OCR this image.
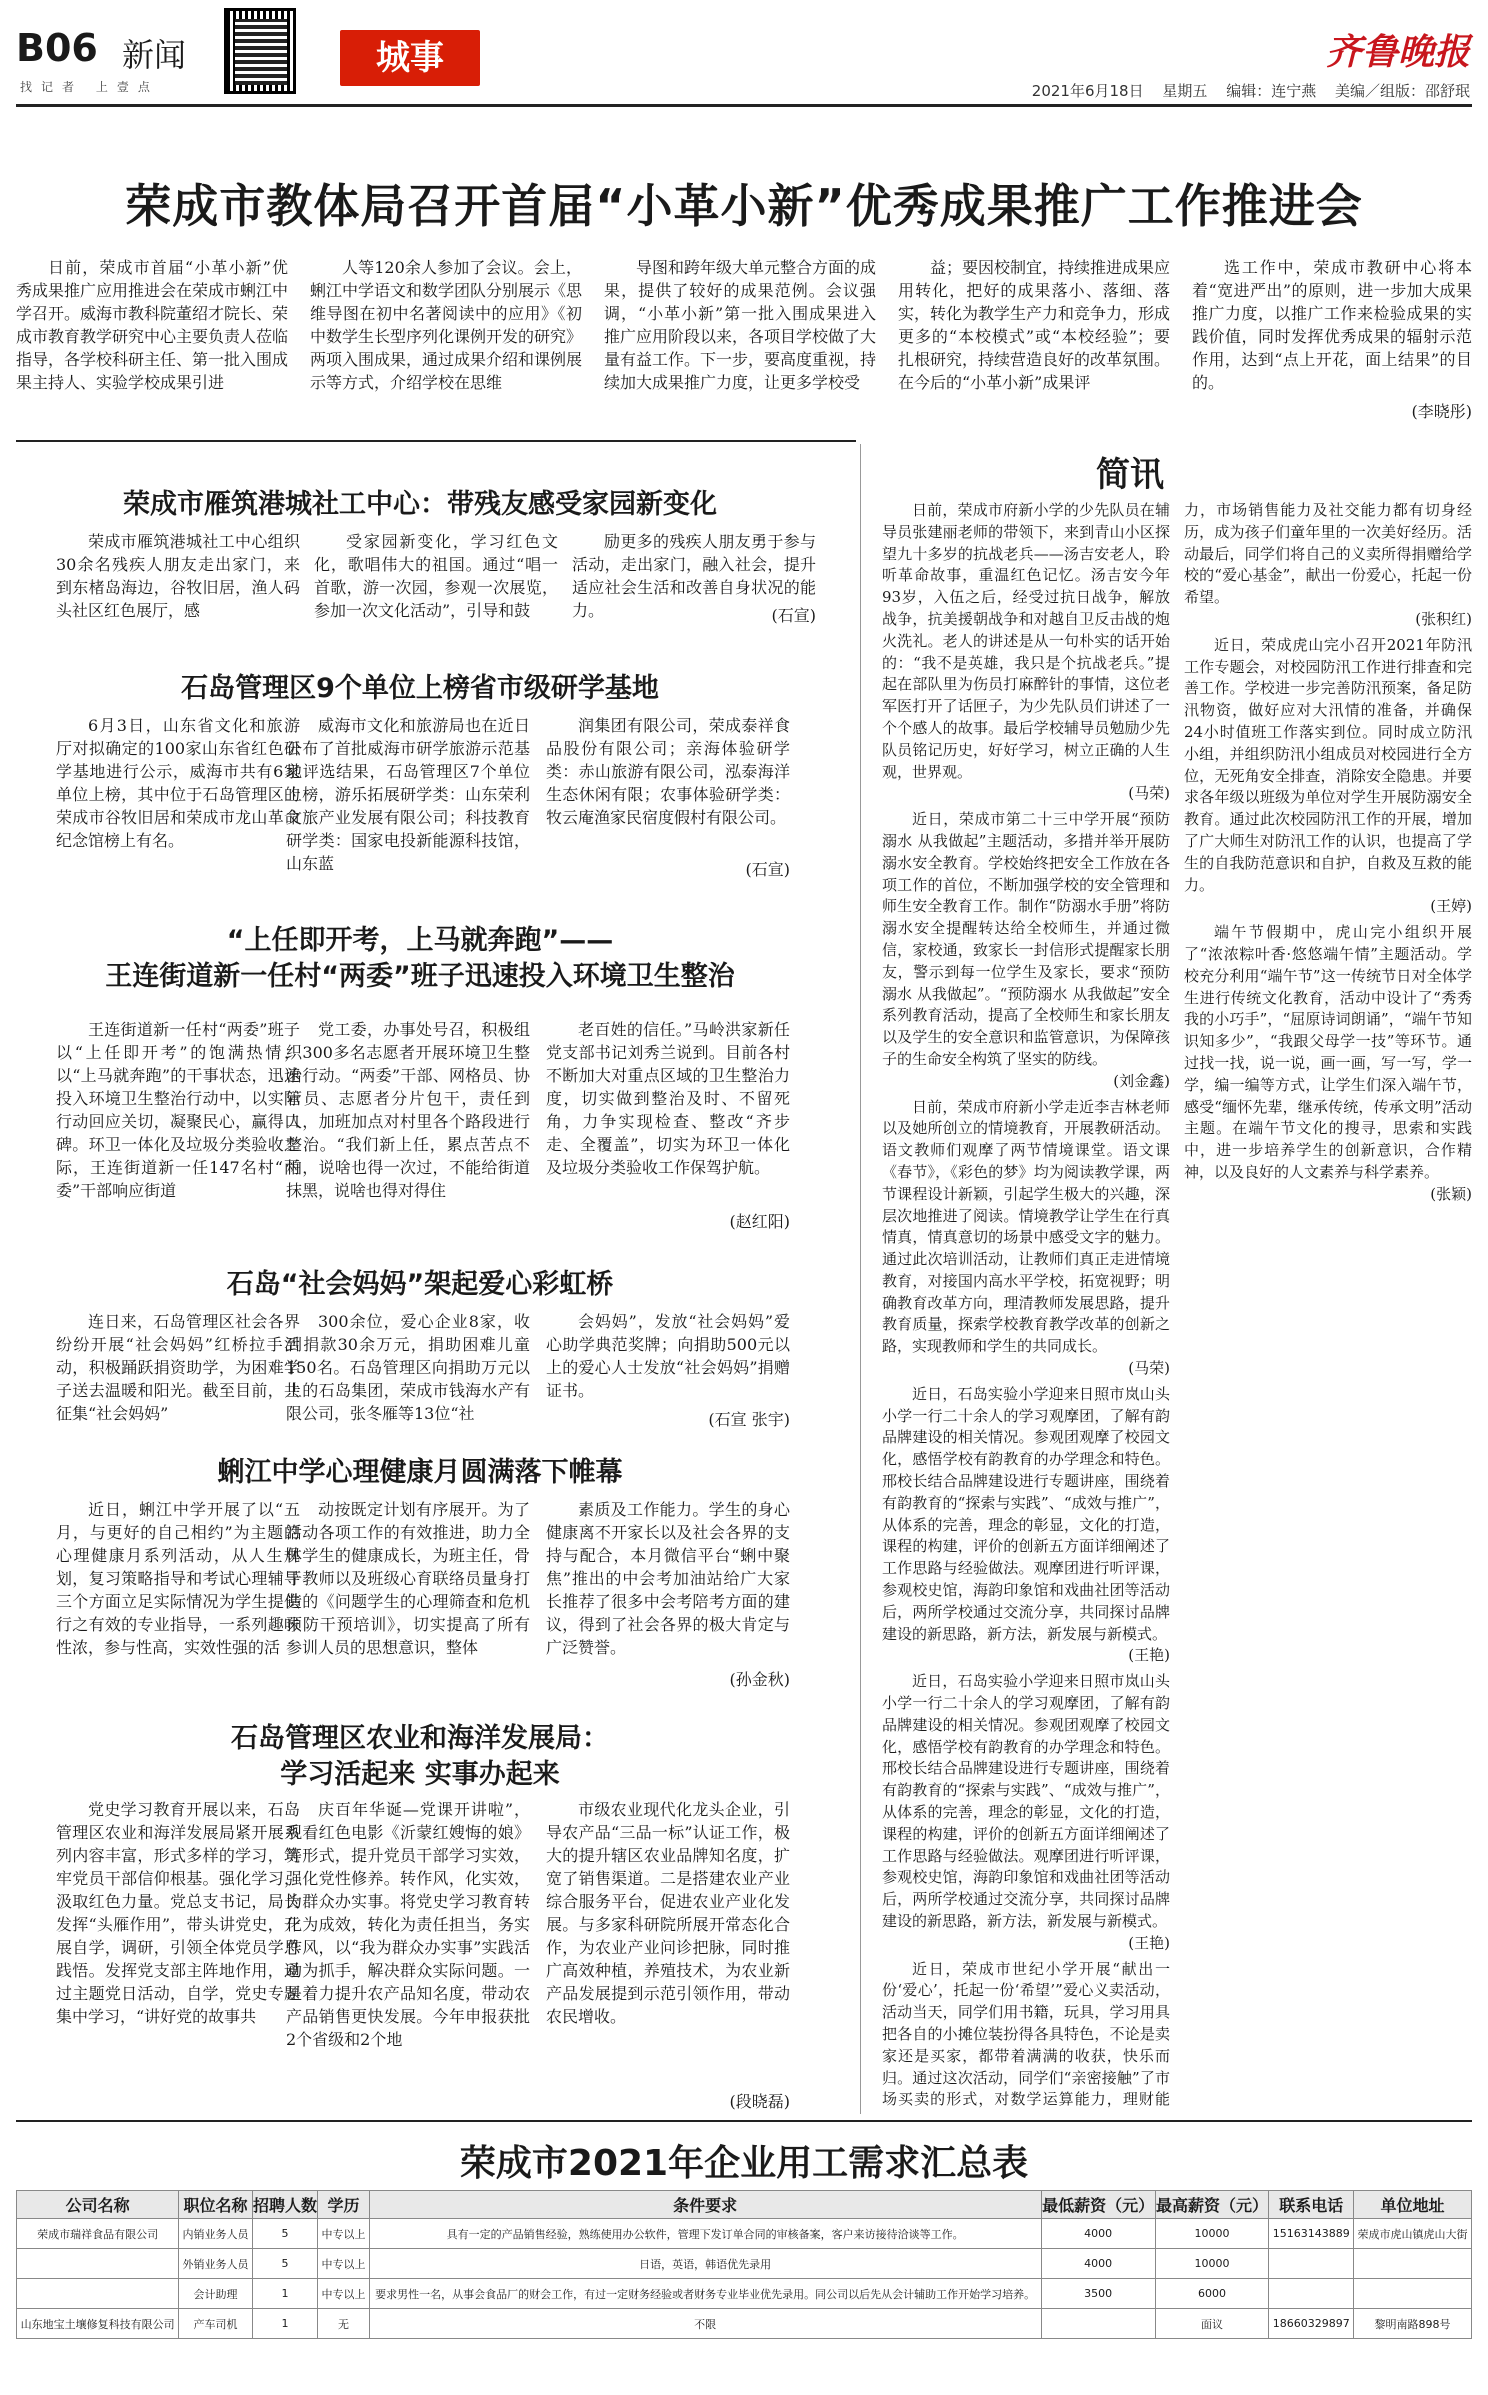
B06 新闻
找记者 上壹点
城事	齐鲁晚报
2021年6月18日 星期五 编辑：连宁燕 美编／组版：邵舒珉
荣成市教体局召开首届“小革小新”优秀成果推广工作推进会
日前，荣成市首届“小革小新”优秀成果推广应用推进会在荣成市蜊江中学召开。威海市教科院董绍才院长、荣成市教育教学研究中心主要负责人莅临指导，各学校科研主任、第一批入围成果主持人、实验学校成果引进
人等120余人参加了会议。会上，蜊江中学语文和数学团队分别展示《思维导图在初中名著阅读中的应用》《初中数学生长型序列化课例开发的研究》两项入围成果，通过成果介绍和课例展示等方式，介绍学校在思维
导图和跨年级大单元整合方面的成果，提供了较好的成果范例。会议强调，“小革小新”第一批入围成果进入推广应用阶段以来，各项目学校做了大量有益工作。下一步，要高度重视，持续加大成果推广力度，让更多学校受
益；要因校制宜，持续推进成果应用转化，把好的成果落小、落细、落实，转化为教学生产力和竞争力，形成更多的“本校模式”或“本校经验”；要扎根研究，持续营造良好的改革氛围。在今后的“小革小新”成果评
选工作中，荣成市教研中心将本着“宽进严出”的原则，进一步加大成果推广力度，以推广工作来检验成果的实践价值，同时发挥优秀成果的辐射示范作用，达到“点上开花，面上结果”的目的。
(李晓彤)
荣成市雁筑港城社工中心：带残友感受家园新变化
荣成市雁筑港城社工中心组织30余名残疾人朋友走出家门，来到东楮岛海边，谷牧旧居，渔人码头社区红色展厅，感
受家园新变化，学习红色文化，歌唱伟大的祖国。通过“唱一首歌，游一次园，参观一次展览，参加一次文化活动”，引导和鼓
励更多的残疾人朋友勇于参与活动，走出家门，融入社会，提升适应社会生活和改善自身状况的能力。	(石宣)
石岛管理区9个单位上榜省市级研学基地
6月3日，山东省文化和旅游厅对拟确定的100家山东省红色研学基地进行公示，威海市共有6家单位上榜，其中位于石岛管理区的荣成市谷牧旧居和荣成市龙山革命纪念馆榜上有名。
威海市文化和旅游局也在近日公布了首批威海市研学旅游示范基地评选结果，石岛管理区7个单位上榜，游乐拓展研学类：山东荣利文旅产业发展有限公司；科技教育研学类：国家电投新能源科技馆，山东蓝
润集团有限公司，荣成泰祥食品股份有限公司；亲海体验研学类：赤山旅游有限公司，泓泰海洋生态休闲有限；农事体验研学类：牧云庵渔家民宿度假村有限公司。
(石宣)
“上任即开考，上马就奔跑”——
王连街道新一任村“两委”班子迅速投入环境卫生整治
王连街道新一任村“两委”班子以“上任即开考”的饱满热情，以“上马就奔跑”的干事状态，迅速投入环境卫生整治行动中，以实际行动回应关切，凝聚民心，赢得口碑。环卫一体化及垃圾分类验收之际，王连街道新一任147名村“两委”干部响应街道
党工委，办事处号召，积极组织300多名志愿者开展环境卫生整治行动。“两委”干部、网格员、协管员、志愿者分片包干，责任到人，加班加点对村里各个路段进行整治。“我们新上任，累点苦点不怕，说啥也得一次过，不能给街道抹黑，说啥也得对得住
老百姓的信任。”马岭洪家新任党支部书记刘秀兰说到。目前各村不断加大对重点区域的卫生整治力度，切实做到整治及时、不留死角，力争实现检查、整改“齐步走、全覆盖”，切实为环卫一体化及垃圾分类验收工作保驾护航。
(赵红阳)
石岛“社会妈妈”架起爱心彩虹桥
连日来，石岛管理区社会各界纷纷开展“社会妈妈”红桥拉手活动，积极踊跃捐资助学，为困难学子送去温暖和阳光。截至目前，共征集“社会妈妈”
300余位，爱心企业8家，收到捐款30余万元，捐助困难儿童150名。石岛管理区向捐助万元以上的石岛集团，荣成市钱海水产有限公司，张冬雁等13位“社
会妈妈”，发放“社会妈妈”爱心助学典范奖牌；向捐助500元以上的爱心人士发放“社会妈妈”捐赠证书。
(石宣 张宇)
蜊江中学心理健康月圆满落下帷幕
近日，蜊江中学开展了以“五月，与更好的自己相约”为主题的心理健康月系列活动，从人生规划，复习策略指导和考试心理辅导三个方面立足实际情况为学生提供行之有效的专业指导，一系列趣味性浓，参与性高，实效性强的活
动按既定计划有序展开。为了活动各项工作的有效推进，助力全体学生的健康成长，为班主任，骨干教师以及班级心育联络员量身打造的《问题学生的心理筛查和危机预防干预培训》，切实提高了所有参训人员的思想意识，整体
素质及工作能力。学生的身心健康离不开家长以及社会各界的支持与配合，本月微信平台“蜊中聚焦”推出的中会考加油站给广大家长推荐了很多中会考陪考方面的建议，得到了社会各界的极大肯定与广泛赞誉。
(孙金秋)
石岛管理区农业和海洋发展局：
学习活起来 实事办起来
党史学习教育开展以来，石岛管理区农业和海洋发展局紧开展系列内容丰富，形式多样的学习，筑牢党员干部信仰根基。强化学习，汲取红色力量。党总支书记，局长发挥“头雁作用”，带头讲党史，开展自学，调研，引领全体党员学思践悟。发挥党支部主阵地作用，通过主题党日活动，自学，党史专题集中学习，“讲好党的故事共
庆百年华诞—党课开讲啦”，观看红色电影《沂蒙红嫂悔的娘》等形式，提升党员干部学习实效，强化党性修养。转作风，化实效，为群众办实事。将党史学习教育转化为成效，转化为责任担当，务实作风，以“我为群众办实事”实践活动为抓手，解决群众实际问题。一是着力提升农产品知名度，带动农产品销售更快发展。今年申报获批2个省级和2个地
市级农业现代化龙头企业，引导农产品“三品一标”认证工作，极大的提升辖区农业品牌知名度，扩宽了销售渠道。二是搭建农业产业综合服务平台，促进农业产业化发展。与多家科研院所展开常态化合作，为农业产业问诊把脉，同时推广高效种植，养殖技术，为农业新产品发展提到示范引领作用，带动农民增收。
(段晓磊)
简讯

日前，荣成市府新小学的少先队员在辅导员张建丽老师的带领下，来到青山小区探望九十多岁的抗战老兵——汤吉安老人，聆听革命故事，重温红色记忆。汤吉安今年93岁，入伍之后，经受过抗日战争，解放战争，抗美援朝战争和对越自卫反击战的炮火洗礼。老人的讲述是从一句朴实的话开始的：“我不是英雄，我只是个抗战老兵。”提起在部队里为伤员打麻醉针的事情，这位老军医打开了话匣子，为少先队员们讲述了一个个感人的故事。最后学校辅导员勉励少先队员铭记历史，好好学习，树立正确的人生观，世界观。

(马荣)

近日，荣成市第二十三中学开展“预防溺水 从我做起”主题活动，多措并举开展防溺水安全教育。学校始终把安全工作放在各项工作的首位，不断加强学校的安全管理和师生安全教育工作。制作“防溺水手册”将防溺水安全提醒转达给全校师生，并通过微信，家校通，致家长一封信形式提醒家长朋友，警示到每一位学生及家长，要求“预防溺水 从我做起”。“预防溺水 从我做起”安全系列教育活动，提高了全校师生和家长朋友以及学生的安全意识和监管意识，为保障孩子的生命安全构筑了坚实的防线。

(刘金鑫)

日前，荣成市府新小学走近李吉林老师以及她所创立的情境教育，开展教研活动。语文教师们观摩了两节情境课堂。语文课《春节》，《彩色的梦》均为阅读教学课，两节课程设计新颖，引起学生极大的兴趣，深层次地推进了阅读。情境教学让学生在行真情真，情真意切的场景中感受文字的魅力。通过此次培训活动，让教师们真正走进情境教育，对接国内高水平学校，拓宽视野；明确教育改革方向，理清教师发展思路，提升教育质量，探索学校教育教学改革的创新之路，实现教师和学生的共同成长。

(马荣)

近日，石岛实验小学迎来日照市岚山头小学一行二十余人的学习观摩团，了解有韵品牌建设的相关情况。参观团观摩了校园文化，感悟学校有韵教育的办学理念和特色。邢校长结合品牌建设进行专题讲座，围绕着有韵教育的“探索与实践”、“成效与推广”，从体系的完善，理念的彰显，文化的打造，课程的构建，评价的创新五方面详细阐述了工作思路与经验做法。观摩团进行听评课，参观校史馆，海韵印象馆和戏曲社团等活动后，两所学校通过交流分享，共同探讨品牌建设的新思路，新方法，新发展与新模式。

(王艳)

近日，石岛实验小学迎来日照市岚山头小学一行二十余人的学习观摩团，了解有韵品牌建设的相关情况。参观团观摩了校园文化，感悟学校有韵教育的办学理念和特色。邢校长结合品牌建设进行专题讲座，围绕着有韵教育的“探索与实践”、“成效与推广”，从体系的完善，理念的彰显，文化的打造，课程的构建，评价的创新五方面详细阐述了工作思路与经验做法。观摩团进行听评课，参观校史馆，海韵印象馆和戏曲社团等活动后，两所学校通过交流分享，共同探讨品牌建设的新思路，新方法，新发展与新模式。

(王艳)

近日，荣成市世纪小学开展“献出一份‘爱心’，托起一份‘希望’”爱心义卖活动，活动当天，同学们用书籍，玩具，学习用具把各自的小摊位装扮得各具特色，不论是卖家还是买家，都带着满满的收获，快乐而归。通过这次活动，同学们“亲密接触”了市场买卖的形式，对数学运算能力，理财能力，市场销售能力及社交能力都有切身经历，成为孩子们童年里的一次美好经历。活动最后，同学们将自己的义卖所得捐赠给学校的“爱心基金”，献出一份爱心，托起一份希望。

(张积红)

近日，荣成虎山完小召开2021年防汛工作专题会，对校园防汛工作进行排查和完善工作。学校进一步完善防汛预案，备足防汛物资，做好应对大汛情的准备，并确保24小时值班工作落实到位。同时成立防汛小组，并组织防汛小组成员对校园进行全方位，无死角安全排查，消除安全隐患。并要求各年级以班级为单位对学生开展防溺安全教育。通过此次校园防汛工作的开展，增加了广大师生对防汛工作的认识，也提高了学生的自我防范意识和自护，自救及互救的能力。

(王婷)

端午节假期中，虎山完小组织开展了“浓浓粽叶香·悠悠端午情”主题活动。学校充分利用“端午节”这一传统节日对全体学生进行传统文化教育，活动中设计了“秀秀我的小巧手”，“屈原诗词朗诵”，“端午节知识知多少”，“我跟父母学一技”等环节。通过找一找，说一说，画一画，写一写，学一学，编一编等方式，让学生们深入端午节，感受“缅怀先辈，继承传统，传承文明”活动主题。在端午节文化的搜寻，思索和实践中，进一步培养学生的创新意识，合作精神，以及良好的人文素养与科学素养。

(张颖)

荣成市2021年企业用工需求汇总表
公司名称	职位名称	招聘人数	学历	条件要求	最低薪资（元）	最高薪资（元）	联系电话	单位地址
荣成市瑞祥食品有限公司	内销业务人员	5	中专以上	具有一定的产品销售经验，熟练使用办公软件，管理下发订单合同的审核备案，客户来访接待洽谈等工作。	4000	10000	15163143889	荣成市虎山镇虎山大街
	外销业务人员	5	中专以上	日语，英语，韩语优先录用	4000	10000		
	会计助理	1	中专以上	要求男性一名，从事会食品厂的财会工作，有过一定财务经验或者财务专业毕业优先录用。同公司以后先从会计辅助工作开始学习培养。	3500	6000		
山东地宝土壤修复科技有限公司	产车司机	1	无	不限		面议	18660329897	黎明南路898号
